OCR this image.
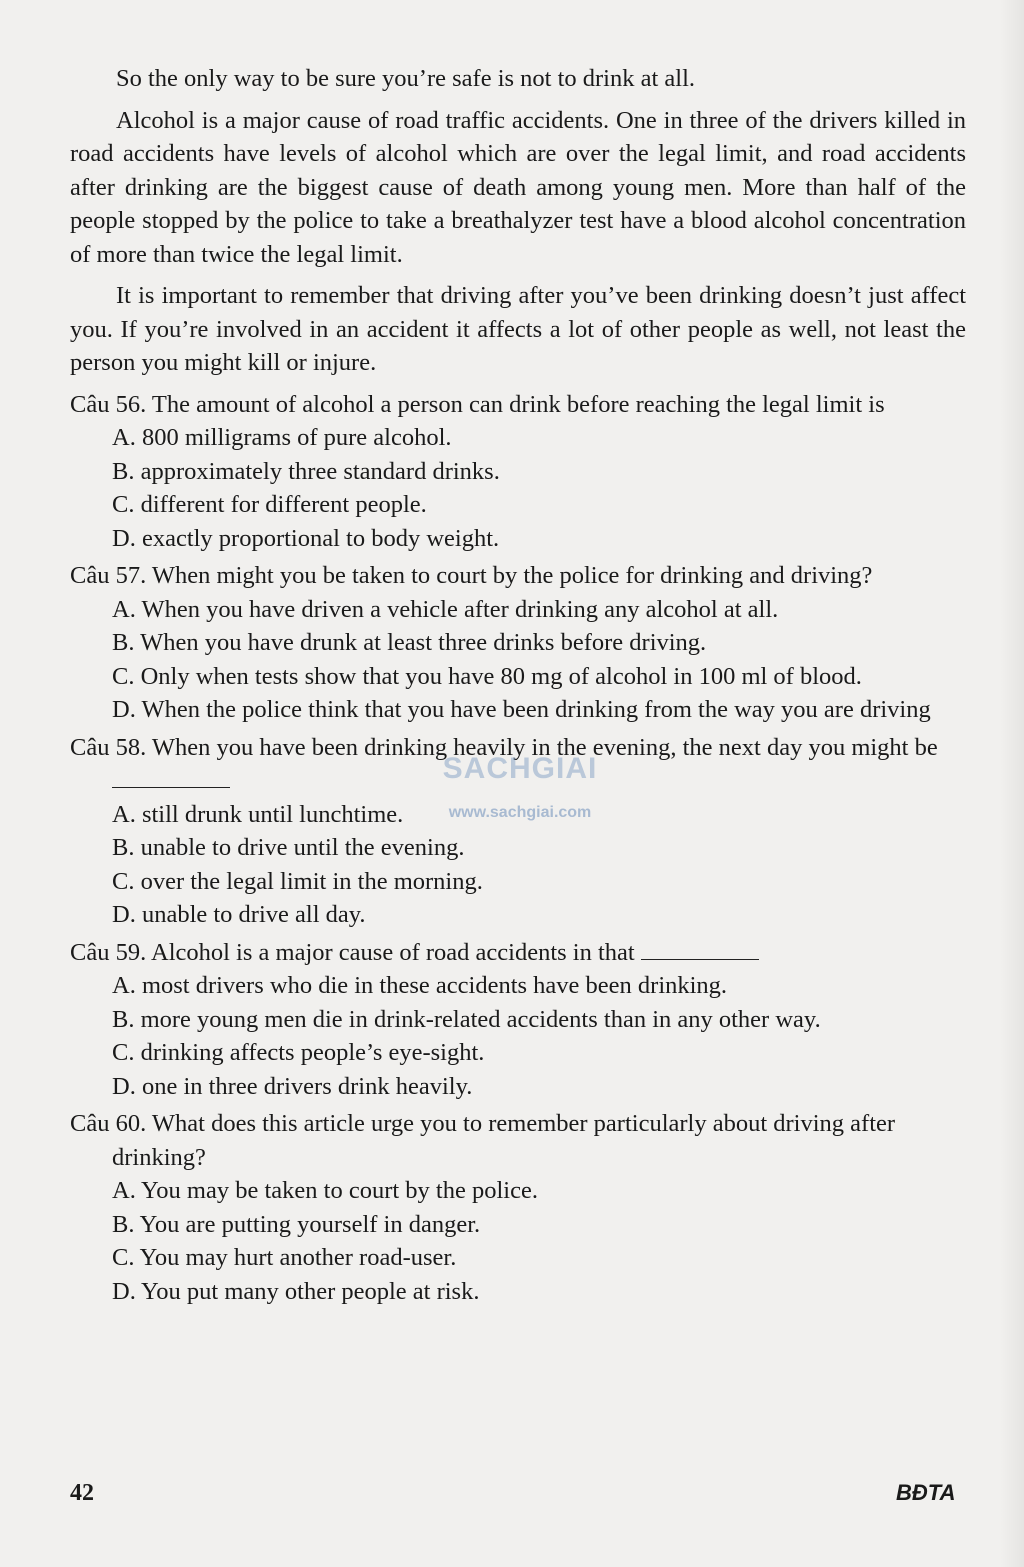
So the only way to be sure you’re safe is not to drink at all.

Alcohol is a major cause of road traffic accidents. One in three of the drivers killed in road accidents have levels of alcohol which are over the legal limit, and road accidents after drinking are the biggest cause of death among young men. More than half of the people stopped by the police to take a breathalyzer test have a blood alcohol concentration of more than twice the legal limit.

It is important to remember that driving after you’ve been drinking doesn’t just affect you. If you’re involved in an accident it affects a lot of other people as well, not least the person you might kill or injure.

Câu 56. The amount of alcohol a person can drink before reaching the legal limit is

A. 800 milligrams of pure alcohol.

B. approximately three standard drinks.

C. different for different people.

D. exactly proportional to body weight.

Câu 57. When might you be taken to court by the police for drinking and driving?

A. When you have driven a vehicle after drinking any alcohol at all.

B. When you have drunk at least three drinks before driving.

C. Only when tests show that you have 80 mg of alcohol in 100 ml of blood.

D. When the police think that you have been drinking from the way you are driving

Câu 58. When you have been drinking heavily in the evening, the next day you might be

A. still drunk until lunchtime.

B. unable to drive until the evening.

C. over the legal limit in the morning.

D. unable to drive all day.

Câu 59. Alcohol is a major cause of road accidents in that

A. most drivers who die in these accidents have been drinking.

B. more young men die in drink-related accidents than in any other way.

C. drinking affects people’s eye-sight.

D. one in three drivers drink heavily.

Câu 60. What does this article urge you to remember particularly about driving after drinking?

A. You may be taken to court by the police.

B. You are putting yourself in danger.

C. You may hurt another road-user.

D. You put many other people at risk.

SACHGIAI
www.sachgiai.com
42	BĐTA
